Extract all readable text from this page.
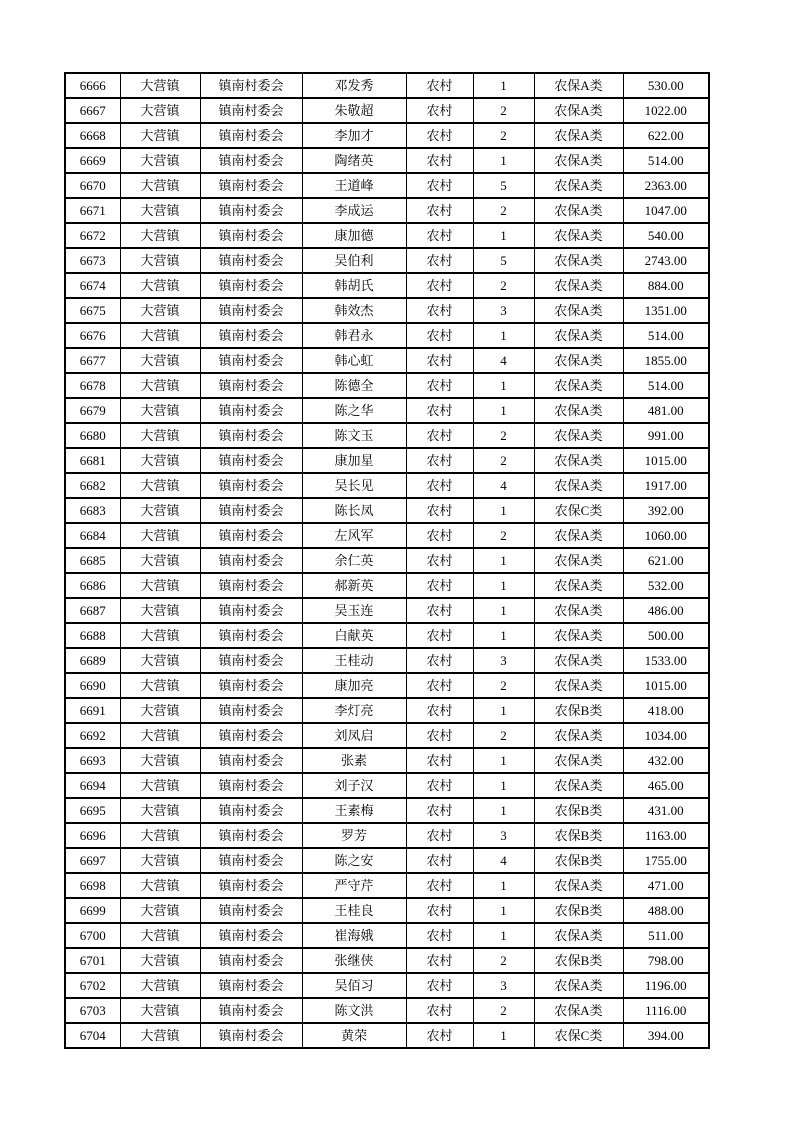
6666	大营镇	镇南村委会	邓发秀	农村	1	农保A类	530.00
6667	大营镇	镇南村委会	朱敬超	农村	2	农保A类	1022.00
6668	大营镇	镇南村委会	李加才	农村	2	农保A类	622.00
6669	大营镇	镇南村委会	陶绪英	农村	1	农保A类	514.00
6670	大营镇	镇南村委会	王道峰	农村	5	农保A类	2363.00
6671	大营镇	镇南村委会	李成运	农村	2	农保A类	1047.00
6672	大营镇	镇南村委会	康加德	农村	1	农保A类	540.00
6673	大营镇	镇南村委会	吴伯利	农村	5	农保A类	2743.00
6674	大营镇	镇南村委会	韩胡氏	农村	2	农保A类	884.00
6675	大营镇	镇南村委会	韩效杰	农村	3	农保A类	1351.00
6676	大营镇	镇南村委会	韩君永	农村	1	农保A类	514.00
6677	大营镇	镇南村委会	韩心虹	农村	4	农保A类	1855.00
6678	大营镇	镇南村委会	陈德全	农村	1	农保A类	514.00
6679	大营镇	镇南村委会	陈之华	农村	1	农保A类	481.00
6680	大营镇	镇南村委会	陈文玉	农村	2	农保A类	991.00
6681	大营镇	镇南村委会	康加星	农村	2	农保A类	1015.00
6682	大营镇	镇南村委会	吴长见	农村	4	农保A类	1917.00
6683	大营镇	镇南村委会	陈长凤	农村	1	农保C类	392.00
6684	大营镇	镇南村委会	左风军	农村	2	农保A类	1060.00
6685	大营镇	镇南村委会	余仁英	农村	1	农保A类	621.00
6686	大营镇	镇南村委会	郝新英	农村	1	农保A类	532.00
6687	大营镇	镇南村委会	吴玉连	农村	1	农保A类	486.00
6688	大营镇	镇南村委会	白献英	农村	1	农保A类	500.00
6689	大营镇	镇南村委会	王桂动	农村	3	农保A类	1533.00
6690	大营镇	镇南村委会	康加亮	农村	2	农保A类	1015.00
6691	大营镇	镇南村委会	李灯亮	农村	1	农保B类	418.00
6692	大营镇	镇南村委会	刘凤启	农村	2	农保A类	1034.00
6693	大营镇	镇南村委会	张素	农村	1	农保A类	432.00
6694	大营镇	镇南村委会	刘子汉	农村	1	农保A类	465.00
6695	大营镇	镇南村委会	王素梅	农村	1	农保B类	431.00
6696	大营镇	镇南村委会	罗芳	农村	3	农保B类	1163.00
6697	大营镇	镇南村委会	陈之安	农村	4	农保B类	1755.00
6698	大营镇	镇南村委会	严守芹	农村	1	农保A类	471.00
6699	大营镇	镇南村委会	王桂良	农村	1	农保B类	488.00
6700	大营镇	镇南村委会	崔海娥	农村	1	农保A类	511.00
6701	大营镇	镇南村委会	张继侠	农村	2	农保B类	798.00
6702	大营镇	镇南村委会	吴佰习	农村	3	农保A类	1196.00
6703	大营镇	镇南村委会	陈文洪	农村	2	农保A类	1116.00
6704	大营镇	镇南村委会	黄荣	农村	1	农保C类	394.00
